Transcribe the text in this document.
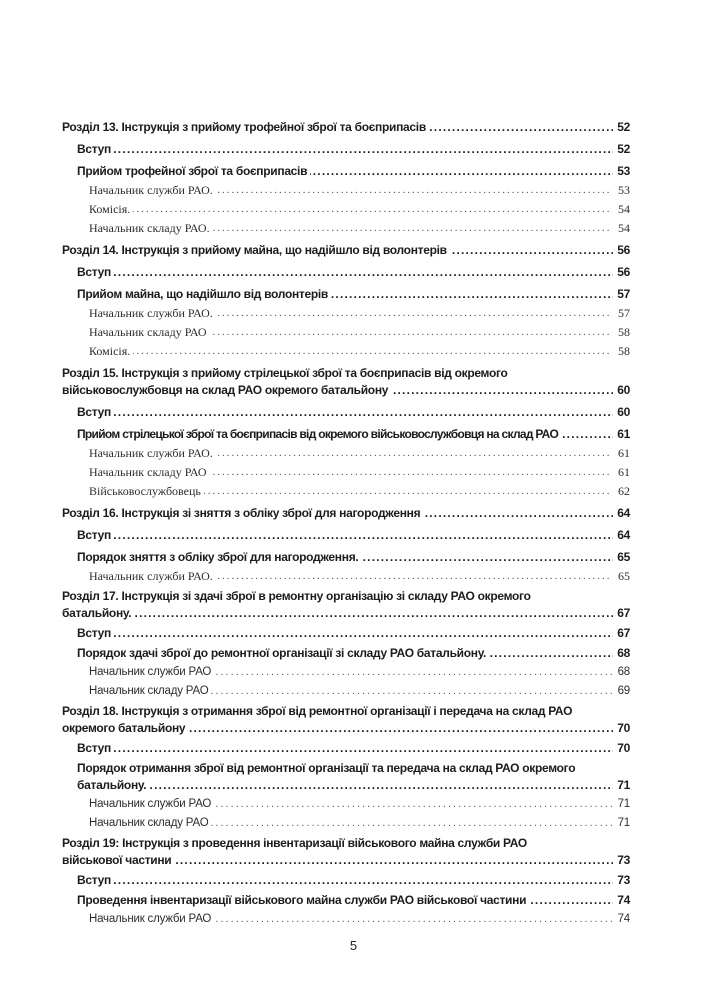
Розділ 13. Інструкція з прийому трофейної зброї та боєприпасів .....	52
Вступ .....	52
Прийом трофейної зброї та боєприпасів .....	53
Начальник служби РАО. .....	53
Комісія. .....	54
Начальник складу РАО. .....	54
Розділ 14. Інструкція з прийому майна, що надійшло від волонтерів .....	56
Вступ .....	56
Прийом майна, що надійшло від волонтерів .....	57
Начальник служби РАО. .....	57
Начальник складу РАО .....	58
Комісія. .....	58
Розділ 15. Інструкція з прийому стрілецької зброї та боєприпасів від окремого
військовослужбовця на склад РАО окремого батальйону .....	60
Вступ .....	60
Прийом стрілецької зброї та боєприпасів від окремого військовослужбовця на склад РАО .....	61
Начальник служби РАО. .....	61
Начальник складу РАО .....	61
Військовослужбовець .....	62
Розділ 16. Інструкція зі зняття з обліку зброї для нагородження .....	64
Вступ .....	64
Порядок зняття з обліку зброї для нагородження. .....	65
Начальник служби РАО. .....	65
Розділ 17. Інструкція зі здачі зброї в ремонтну організацію зі складу РАО окремого
батальйону. .....	67
Вступ .....	67
Порядок здачі зброї до ремонтної організації зі складу РАО батальйону. .....	68
Начальник служби РАО .....	68
Начальник складу РАО .....	69
Розділ 18. Інструкція з отримання зброї від ремонтної організації і передача на склад РАО
окремого батальйону .....	70
Вступ .....	70
Порядок отримання зброї від ремонтної організації та передача на склад РАО окремого
батальйону. .....	71
Начальник служби РАО .....	71
Начальник складу РАО .....	71
Розділ 19: Інструкція з проведення інвентаризації військового майна служби РАО
військової частини .....	73
Вступ .....	73
Проведення інвентаризації військового майна служби РАО військової частини .....	74
Начальник служби РАО .....	74
5
